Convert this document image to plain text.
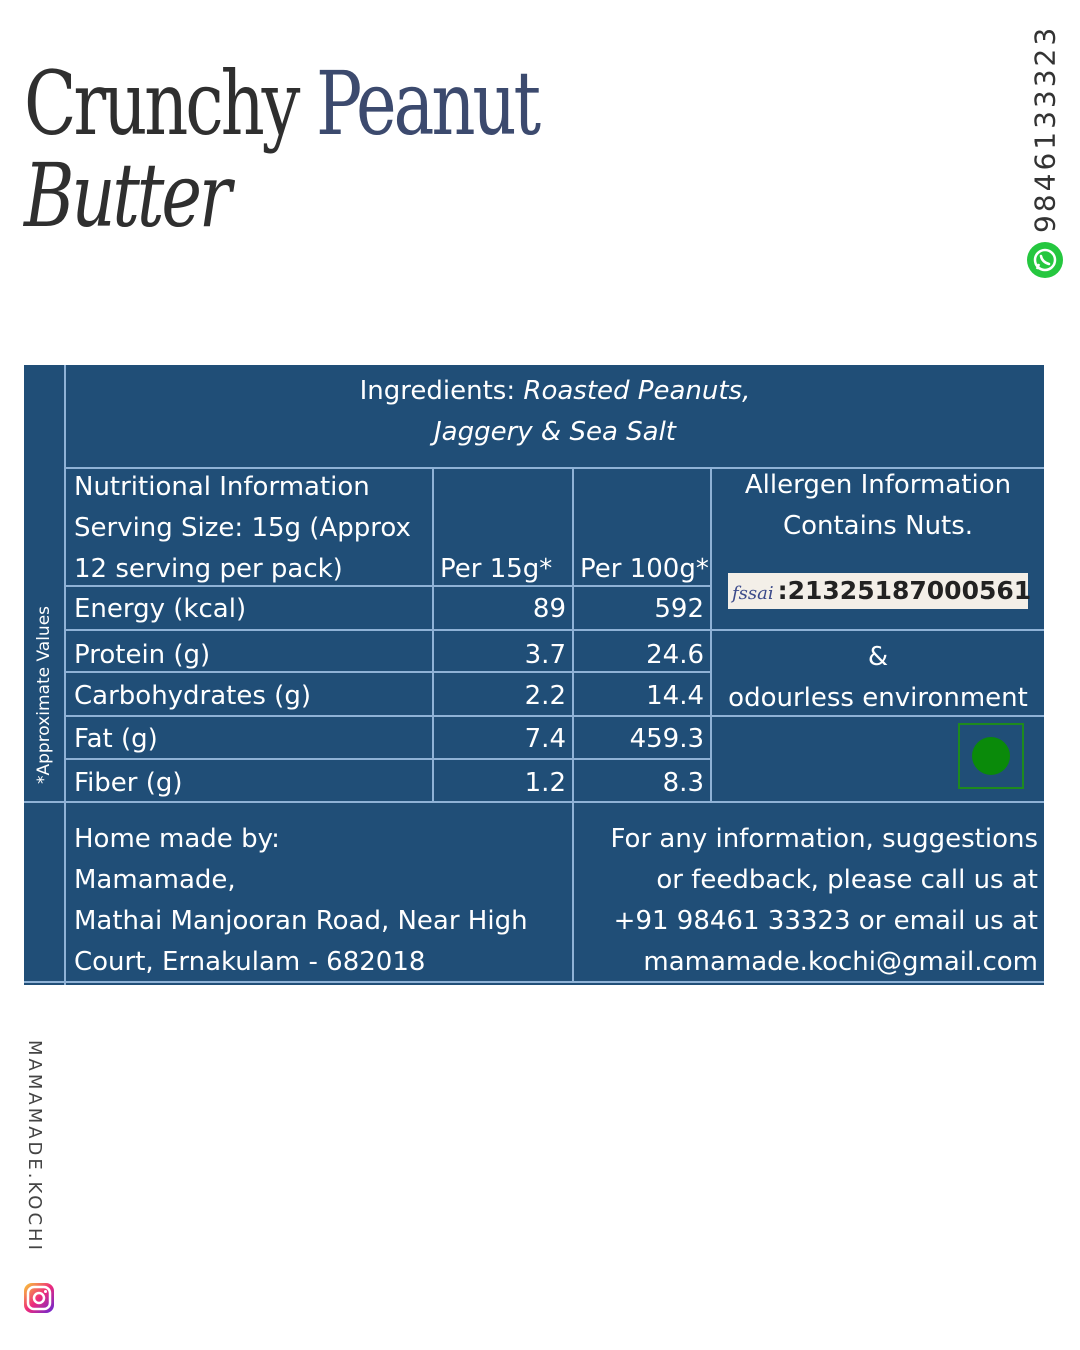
Crunchy Peanut
Butter	9846133323
MAMAMADE.KOCHI
*Approximate Values
Ingredients: Roasted Peanuts,
Jaggery & Sea Salt
Nutritional Information
Serving Size: 15g (Approx
12 serving per pack)	Per 15g* Per 100g*
Allergen Information
Contains Nuts.
fssai :21325187000561
&
odourless environment
Energy (kcal)	89	592
Protein (g)	3.7	24.6
Carbohydrates (g)	2.2	14.4
Fat (g)	7.4	459.3
Fiber (g)	1.2	8.3
Home made by:
Mamamade,
Mathai Manjooran Road, Near High
Court, Ernakulam - 682018
For any information, suggestions
or feedback, please call us at
+91 98461 33323 or email us at
mamamade.kochi@gmail.com
